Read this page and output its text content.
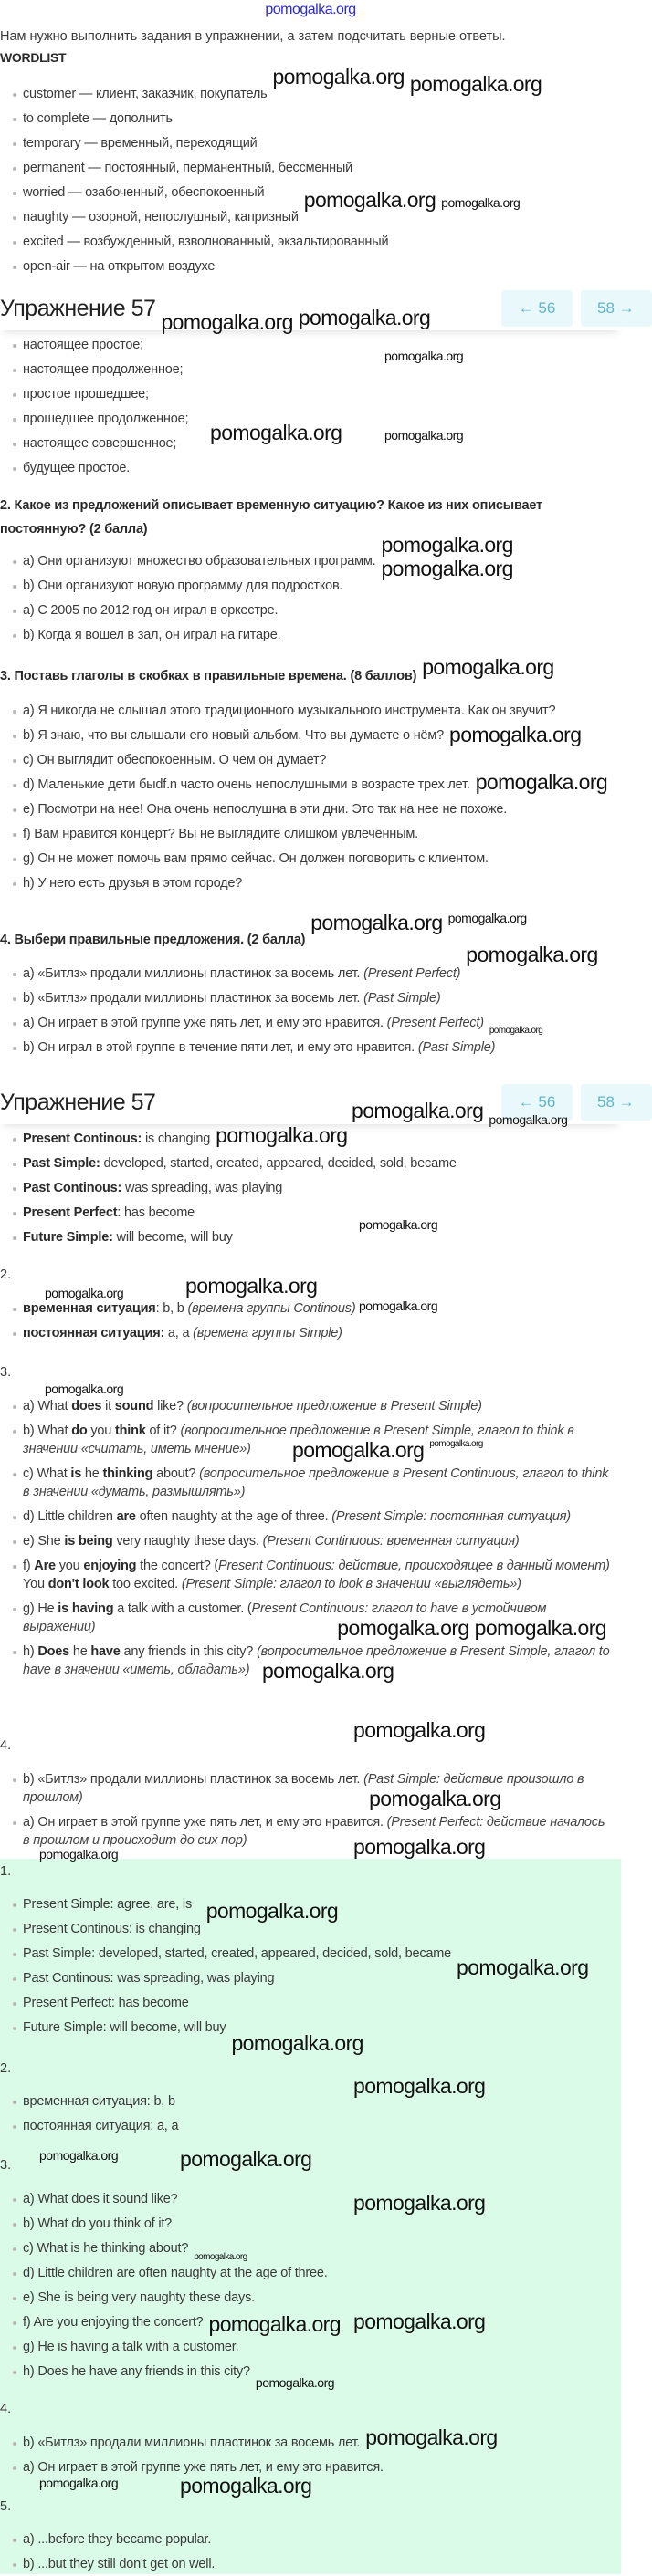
pomogalka.org
Нам нужно выполнить задания в упражнении, а затем подсчитать верные ответы.
WORDLIST
customer — клиент, заказчик, покупатель
to complete — дополнить
temporary — временный, переходящий
permanent — постоянный, перманентный, бессменный
worried — озабоченный, обеспокоенный
naughty — озорной, непослушный, капризный
excited — возбужденный, взволнованный, экзальтированный
open-air — на открытом воздухе
Упражнение 57	← 56	58 →
настоящее простое;
настоящее продолженное;
простое прошедшее;
прошедшее продолженное;
настоящее совершенное;
будущее простое.
2. Какое из предложений описывает временную ситуацию? Какое из них описывает постоянную? (2 балла)
a) Они организуют множество образовательных программ.
b) Они организуют новую программу для подростков.
a) С 2005 по 2012 год он играл в оркестре.
b) Когда я вошел в зал, он играл на гитаре.
3. Поставь глаголы в скобках в правильные времена. (8 баллов)
a) Я никогда не слышал этого традиционного музыкального инструмента. Как он звучит?
b) Я знаю, что вы слышали его новый альбом. Что вы думаете о нём?
c) Он выглядит обеспокоенным. О чем он думает?
d) Маленькие дети быdf.n часто очень непослушными в возрасте трех лет.
e) Посмотри на нее! Она очень непослушна в эти дни. Это так на нее не похоже.
f) Вам нравится концерт? Вы не выглядите слишком увлечённым.
g) Он не может помочь вам прямо сейчас. Он должен поговорить с клиентом.
h) У него есть друзья в этом городе?
4. Выбери правильные предложения. (2 балла)
a) «Битлз» продали миллионы пластинок за восемь лет. (Present Perfect)
b) «Битлз» продали миллионы пластинок за восемь лет. (Past Simple)
a) Он играет в этой группе уже пять лет, и ему это нравится. (Present Perfect)
b) Он играл в этой группе в течение пяти лет, и ему это нравится. (Past Simple)
Упражнение 57	← 56	58 →
Present Continous: is changing
Past Simple: developed, started, created, appeared, decided, sold, became
Past Continous: was spreading, was playing
Present Perfect: has become
Future Simple: will become, will buy
2.
временная ситуация: b, b (времена группы Continous)
постоянная ситуация: a, a (времена группы Simple)
3.
a) What does it sound like? (вопросительное предложение в Present Simple)
b) What do you think of it? (вопросительное предложение в Present Simple, глагол to think в значении «считать, иметь мнение»)
c) What is he thinking about? (вопросительное предложение в Present Continuous, глагол to think в значении «думать, размышлять»)
d) Little children are often naughty at the age of three. (Present Simple: постоянная ситуация)
e) She is being very naughty these days. (Present Continuous: временная ситуация)
f) Are you enjoying the concert? (Present Continuous: действие, происходящее в данный момент) You don't look too excited. (Present Simple: глагол to look в значении «выглядеть»)
g) He is having a talk with a customer. (Present Continuous: глагол to have в устойчивом выражении)
h) Does he have any friends in this city? (вопросительное предложение в Present Simple, глагол to have в значении «иметь, обладать»)
4.
b) «Битлз» продали миллионы пластинок за восемь лет. (Past Simple: действие произошло в прошлом)
a) Он играет в этой группе уже пять лет, и ему это нравится. (Present Perfect: действие началось в прошлом и происходит до сих пор)
1.
Present Simple: agree, are, is
Present Continous: is changing
Past Simple: developed, started, created, appeared, decided, sold, became
Past Continous: was spreading, was playing
Present Perfect: has become
Future Simple: will become, will buy
2.
временная ситуация: b, b
постоянная ситуация: a, a
3.
a) What does it sound like?
b) What do you think of it?
c) What is he thinking about?
d) Little children are often naughty at the age of three.
e) She is being very naughty these days.
f) Are you enjoying the concert?
g) He is having a talk with a customer.
h) Does he have any friends in this city?
4.
b) «Битлз» продали миллионы пластинок за восемь лет.
a) Он играет в этой группе уже пять лет, и ему это нравится.
5.
a) ...before they became popular.
b) ...but they still don't get on well.
pomogalka.org pomogalka.org
pomogalka.org
pomogalka.org pomogalka.org
pomogalka.org
pomogalka.org
pomogalka.org
pomogalka.org
pomogalka.org
pomogalka.org
pomogalka.org
pomogalka.org
pomogalka.org
pomogalka.org
pomogalka.org
pomogalka.org
pomogalka.org
pomogalka.org
pomogalka.org
pomogalka.org
pomogalka.org
pomogalka.org
pomogalka.org
pomogalka.org
pomogalka.org
pomogalka.org
pomogalka.org
pomogalka.org
pomogalka.org
pomogalka.org
pomogalka.org
pomogalka.org
pomogalka.org
pomogalka.org
pomogalka.org
pomogalka.org
pomogalka.org
pomogalka.org
pomogalka.org
pomogalka.org
pomogalka.org
pomogalka.org
pomogalka.org
pomogalka.org
pomogalka.org
pomogalka.org
pomogalka.org
pomogalka.org
